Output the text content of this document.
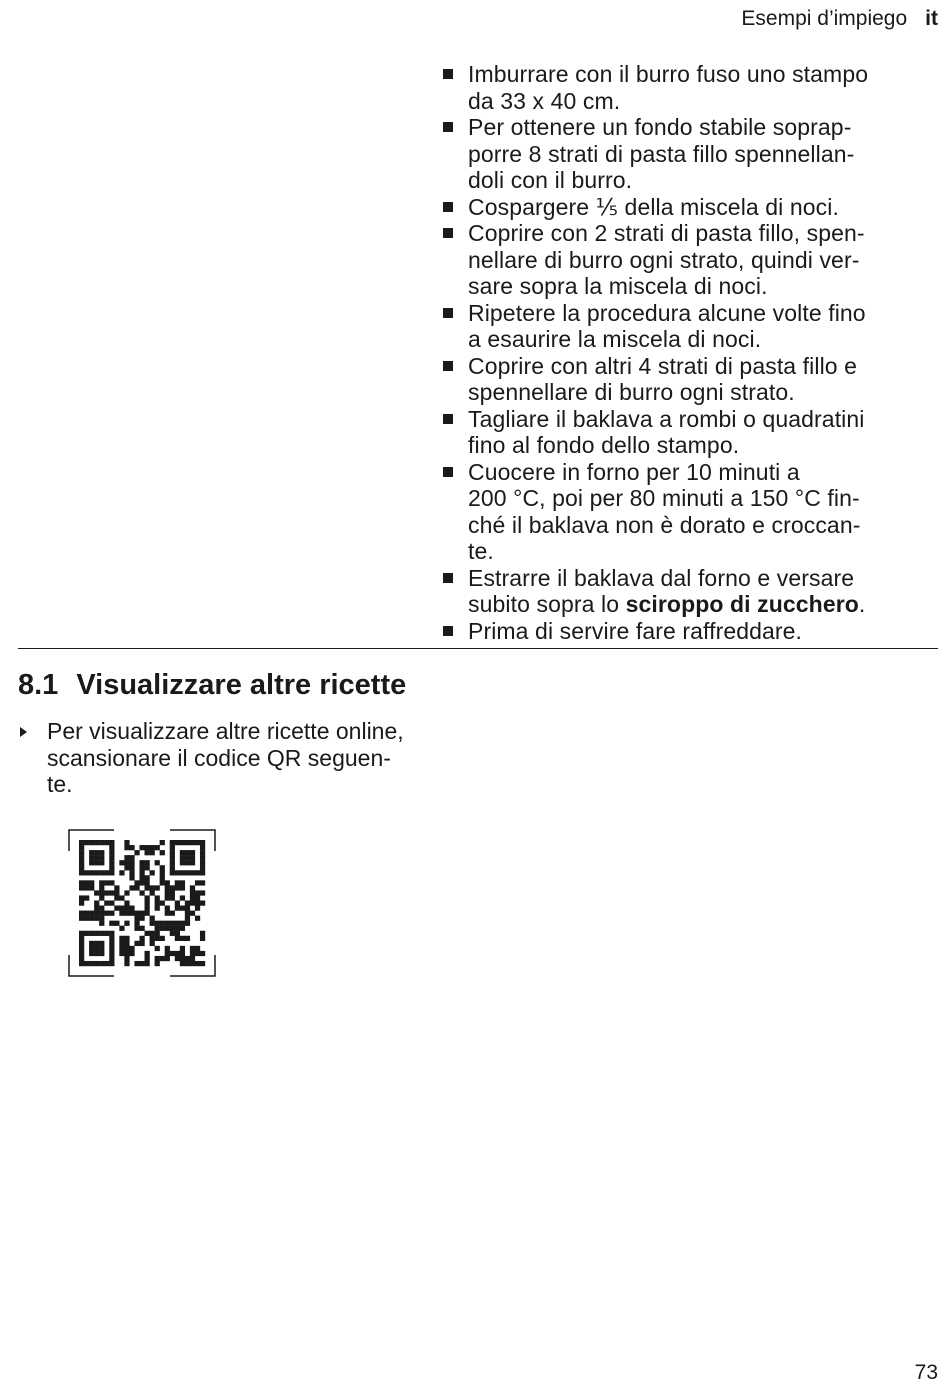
Esempi d’impiego it
Imburrare con il burro fuso uno stampo
da 33 x 40 cm.
Per ottenere un fondo stabile soprap-
porre 8 strati di pasta fillo spennellan-
doli con il burro.
Cospargere ⅕ della miscela di noci.
Coprire con 2 strati di pasta fillo, spen-
nellare di burro ogni strato, quindi ver-
sare sopra la miscela di noci.
Ripetere la procedura alcune volte fino
a esaurire la miscela di noci.
Coprire con altri 4 strati di pasta fillo e
spennellare di burro ogni strato.
Tagliare il baklava a rombi o quadratini
fino al fondo dello stampo.
Cuocere in forno per 10 minuti a
200 °C, poi per 80 minuti a 150 °C fin-
ché il baklava non è dorato e croccan-
te.
Estrarre il baklava dal forno e versare
subito sopra lo sciroppo di zucchero.
Prima di servire fare raffreddare.
8.1 Visualizzare altre ricette
Per visualizzare altre ricette online,
scansionare il codice QR seguen-
te.
73
